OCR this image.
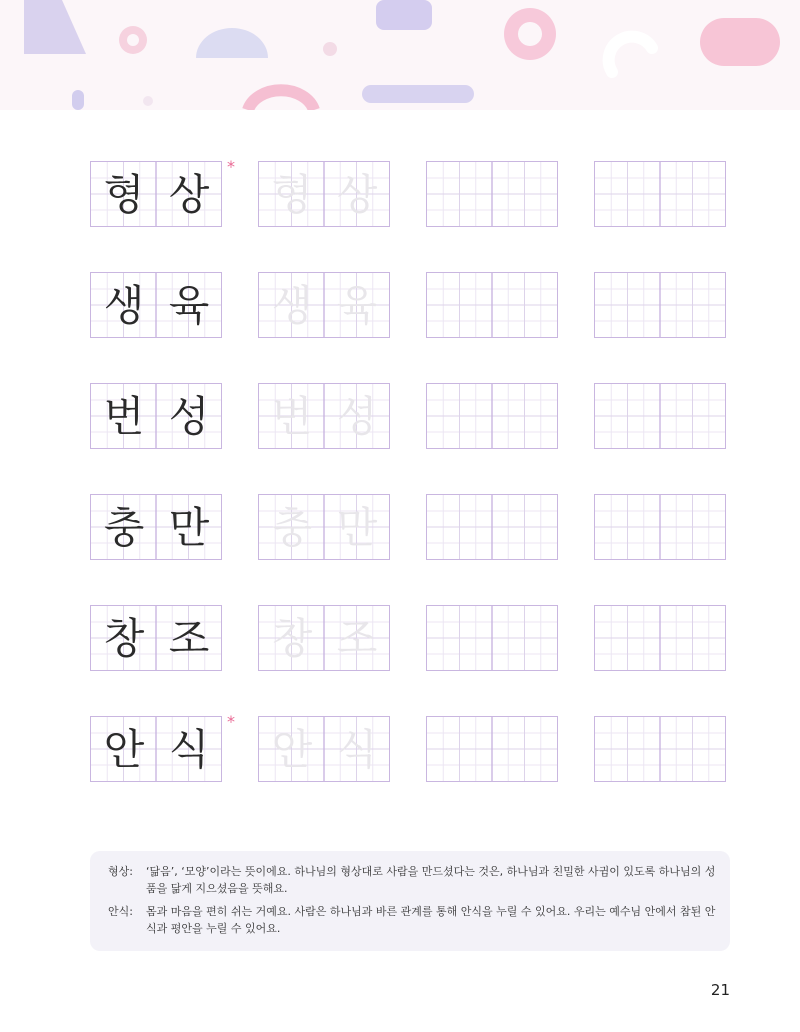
형 상	형 상
*
생 육	생 육
번 성	번 성
충 만	충 만
창 조	창 조
안 식	안 식
*
형상:	‘닮음’, ‘모양’이라는 뜻이에요. 하나님의 형상대로 사람을 만드셨다는 것은, 하나님과 친밀한 사귐이 있도록 하나님의 성품을 닮게 지으셨음을 뜻해요.
안식:	몸과 마음을 편히 쉬는 거예요. 사람은 하나님과 바른 관계를 통해 안식을 누릴 수 있어요. 우리는 예수님 안에서 참된 안식과 평안을 누릴 수 있어요.
21
